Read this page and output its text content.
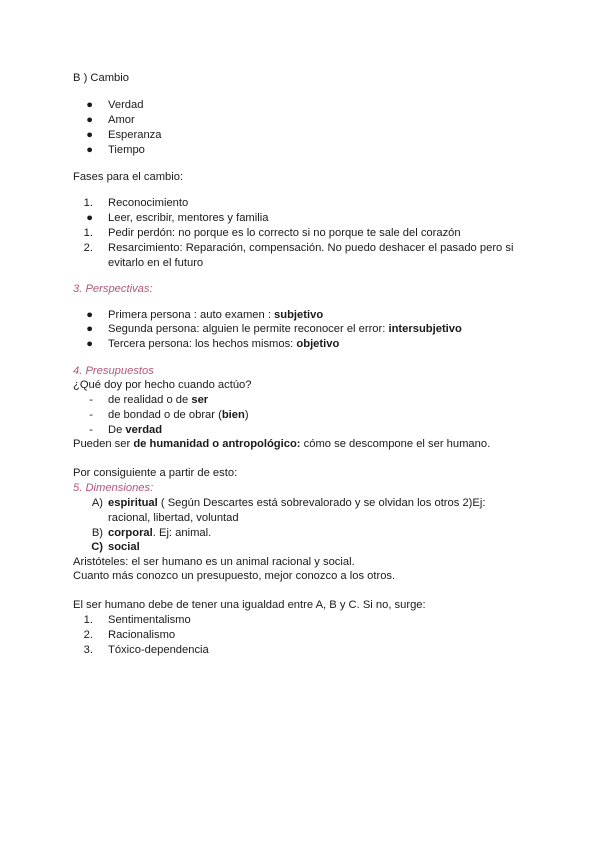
B ) Cambio
● Verdad
● Amor
● Esperanza
● Tiempo
Fases para el cambio:
1. Reconocimiento
● Leer, escribir, mentores y familia
1. Pedir perdón: no porque es lo correcto si no porque te sale del corazón
2. Resarcimiento: Reparación, compensación. No puedo deshacer el pasado pero si
evitarlo en el futuro
3. Perspectivas:
● Primera persona : auto examen : subjetivo
● Segunda persona: alguien le permite reconocer el error: intersubjetivo
● Tercera persona: los hechos mismos: objetivo
4. Presupuestos
¿Qué doy por hecho cuando actúo?
- de realidad o de ser
- de bondad o de obrar (bien)
- De verdad
Pueden ser de humanidad o antropológico: cómo se descompone el ser humano.
Por consiguiente a partir de esto:
5. Dimensiones:
A) espiritual ( Según Descartes está sobrevalorado y se olvidan los otros 2)Ej:
racional, libertad, voluntad
B) corporal. Ej: animal.
C) social
Aristóteles: el ser humano es un animal racional y social.
Cuanto más conozco un presupuesto, mejor conozco a los otros.
El ser humano debe de tener una igualdad entre A, B y C. Si no, surge:
1. Sentimentalismo
2. Racionalismo
3. Tóxico-dependencia
